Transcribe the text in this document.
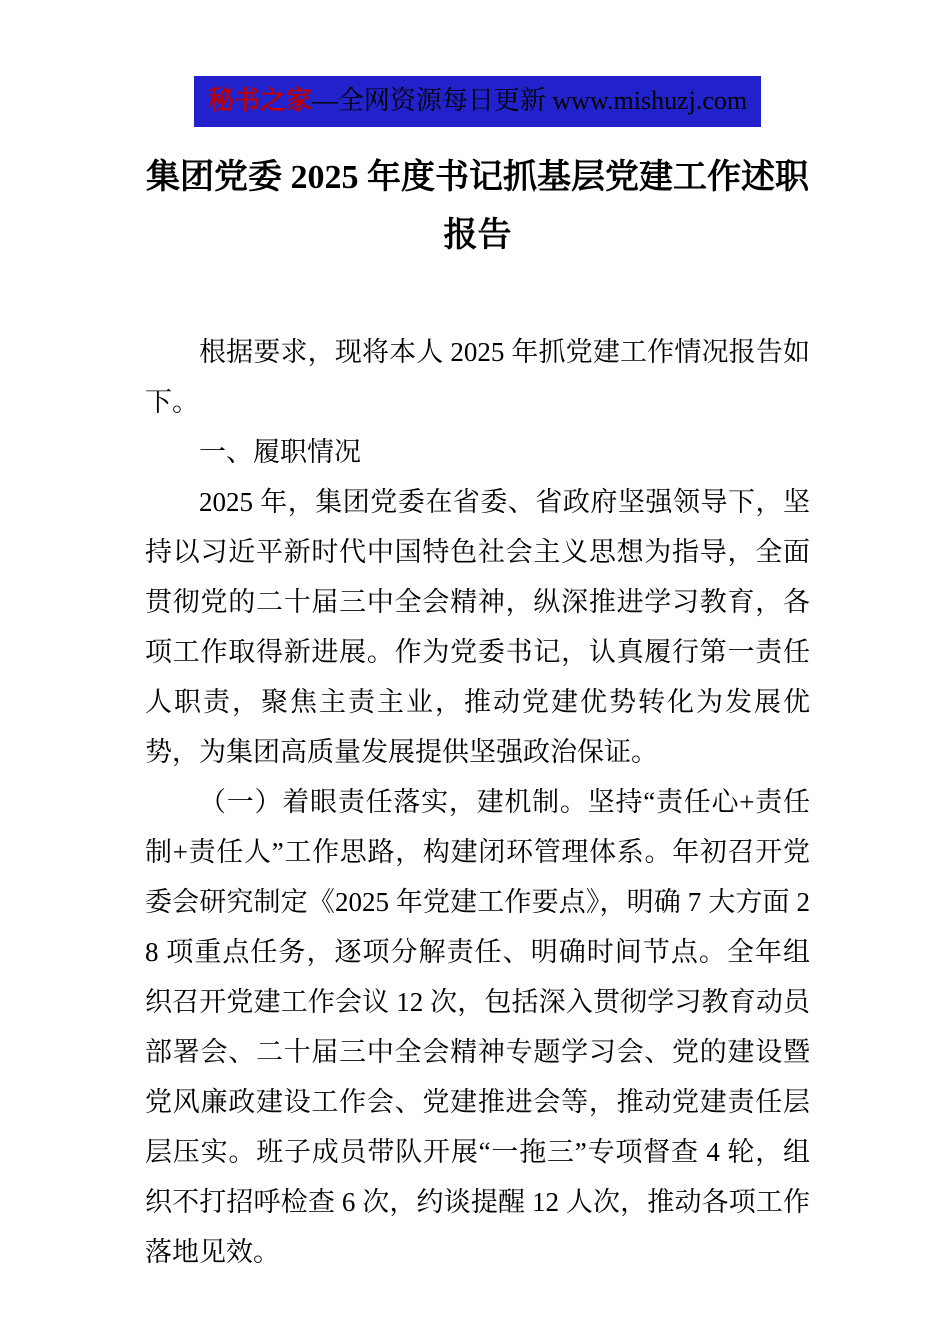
秘书之家—全网资源每日更新 www.mishuzj.com
集团党委 2025 年度书记抓基层党建工作述职报告

根据要求，现将本人 2025 年抓党建工作情况报告如下。

一、履职情况

2025 年，集团党委在省委、省政府坚强领导下，坚持以习近平新时代中国特色社会主义思想为指导，全面贯彻党的二十届三中全会精神，纵深推进学习教育，各项工作取得新进展。作为党委书记，认真履行第一责任人职责，聚焦主责主业，推动党建优势转化为发展优势，为集团高质量发展提供坚强政治保证。

（一）着眼责任落实，建机制。坚持“责任心+责任制+责任人”工作思路，构建闭环管理体系。年初召开党委会研究制定《2025 年党建工作要点》，明确 7 大方面 28 项重点任务，逐项分解责任、明确时间节点。全年组织召开党建工作会议 12 次，包括深入贯彻学习教育动员部署会、二十届三中全会精神专题学习会、党的建设暨党风廉政建设工作会、党建推进会等，推动党建责任层层压实。班子成员带队开展“一拖三”专项督查 4 轮，组织不打招呼检查 6 次，约谈提醒 12 人次，推动各项工作落地见效。
